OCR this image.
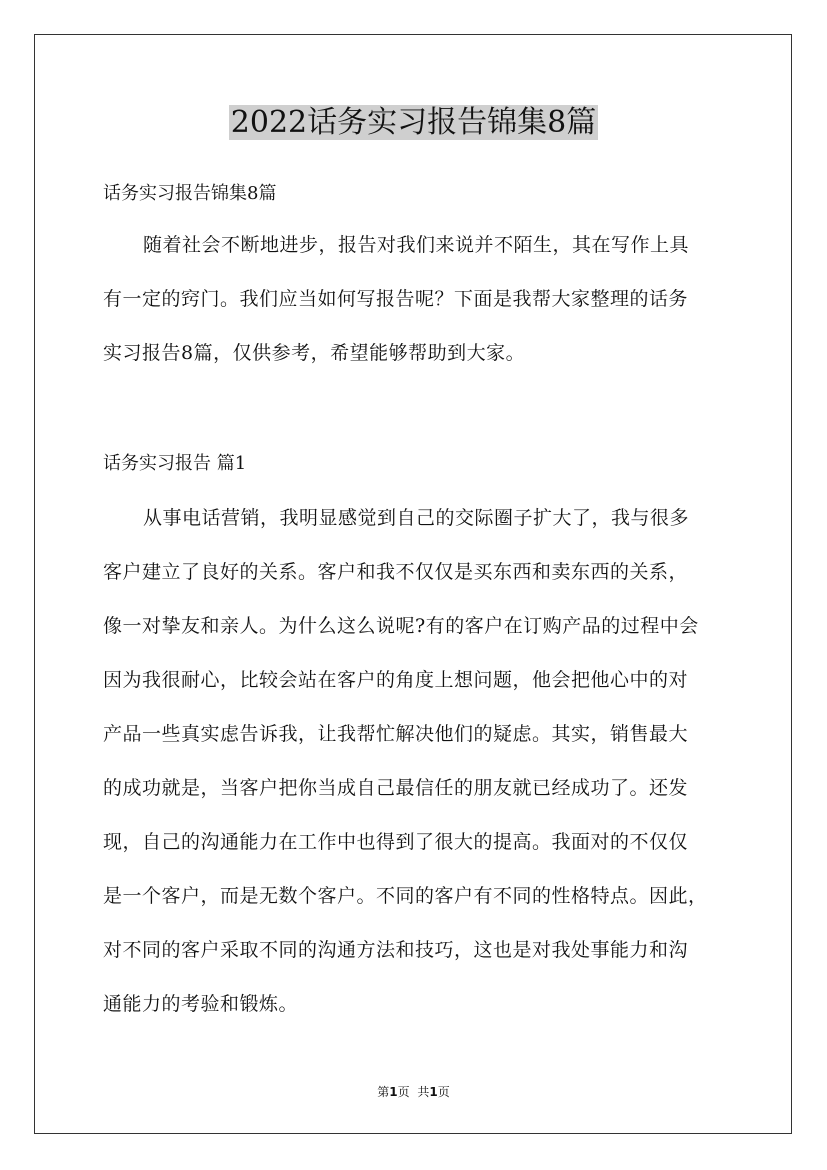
2022话务实习报告锦集8篇

话务实习报告锦集8篇

随着社会不断地进步，报告对我们来说并不陌生，其在写作上具
有一定的窍门。我们应当如何写报告呢？下面是我帮大家整理的话务
实习报告8篇，仅供参考，希望能够帮助到大家。

话务实习报告 篇1

从事电话营销，我明显感觉到自己的交际圈子扩大了，我与很多
客户建立了良好的关系。客户和我不仅仅是买东西和卖东西的关系，
像一对挚友和亲人。为什么这么说呢?有的客户在订购产品的过程中会
因为我很耐心，比较会站在客户的角度上想问题，他会把他心中的对
产品一些真实虑告诉我，让我帮忙解决他们的疑虑。其实，销售最大
的成功就是，当客户把你当成自己最信任的朋友就已经成功了。还发
现，自己的沟通能力在工作中也得到了很大的提高。我面对的不仅仅
是一个客户，而是无数个客户。不同的客户有不同的性格特点。因此，
对不同的客户采取不同的沟通方法和技巧，这也是对我处事能力和沟
通能力的考验和锻炼。
第1页 共1页
